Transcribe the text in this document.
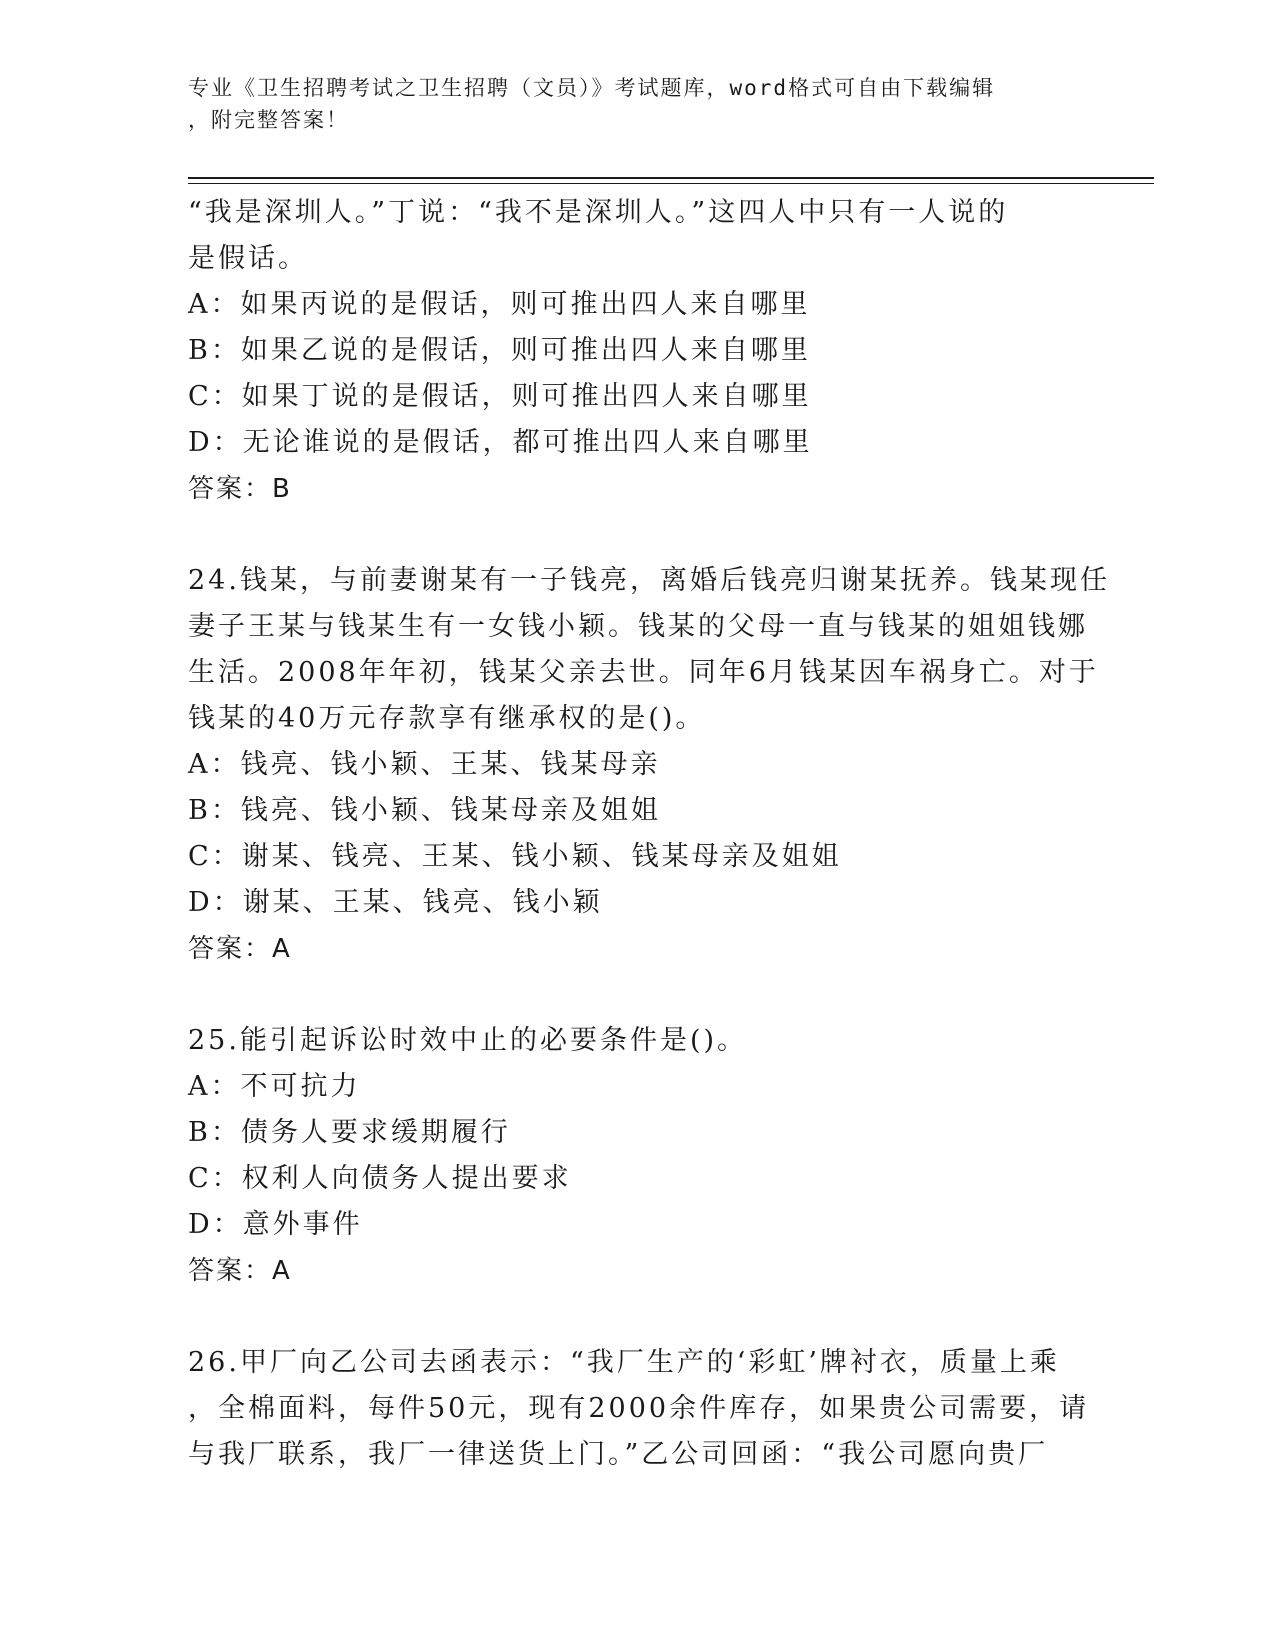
专业《卫生招聘考试之卫生招聘（文员）》考试题库，word格式可自由下载编辑
，附完整答案！
“我是深圳人。”丁说：“我不是深圳人。”这四人中只有一人说的
是假话。
A：如果丙说的是假话，则可推出四人来自哪里
B：如果乙说的是假话，则可推出四人来自哪里
C：如果丁说的是假话，则可推出四人来自哪里
D：无论谁说的是假话，都可推出四人来自哪里
答案：B
24.钱某，与前妻谢某有一子钱亮，离婚后钱亮归谢某抚养。钱某现任
妻子王某与钱某生有一女钱小颖。钱某的父母一直与钱某的姐姐钱娜
生活。2008年年初，钱某父亲去世。同年6月钱某因车祸身亡。对于
钱某的40万元存款享有继承权的是()。
A：钱亮、钱小颖、王某、钱某母亲
B：钱亮、钱小颖、钱某母亲及姐姐
C：谢某、钱亮、王某、钱小颖、钱某母亲及姐姐
D：谢某、王某、钱亮、钱小颖
答案：A
25.能引起诉讼时效中止的必要条件是()。
A：不可抗力
B：债务人要求缓期履行
C：权利人向债务人提出要求
D：意外事件
答案：A
26.甲厂向乙公司去函表示：“我厂生产的‘彩虹’牌衬衣，质量上乘
，全棉面料，每件50元，现有2000余件库存，如果贵公司需要，请
与我厂联系，我厂一律送货上门。”乙公司回函：“我公司愿向贵厂
